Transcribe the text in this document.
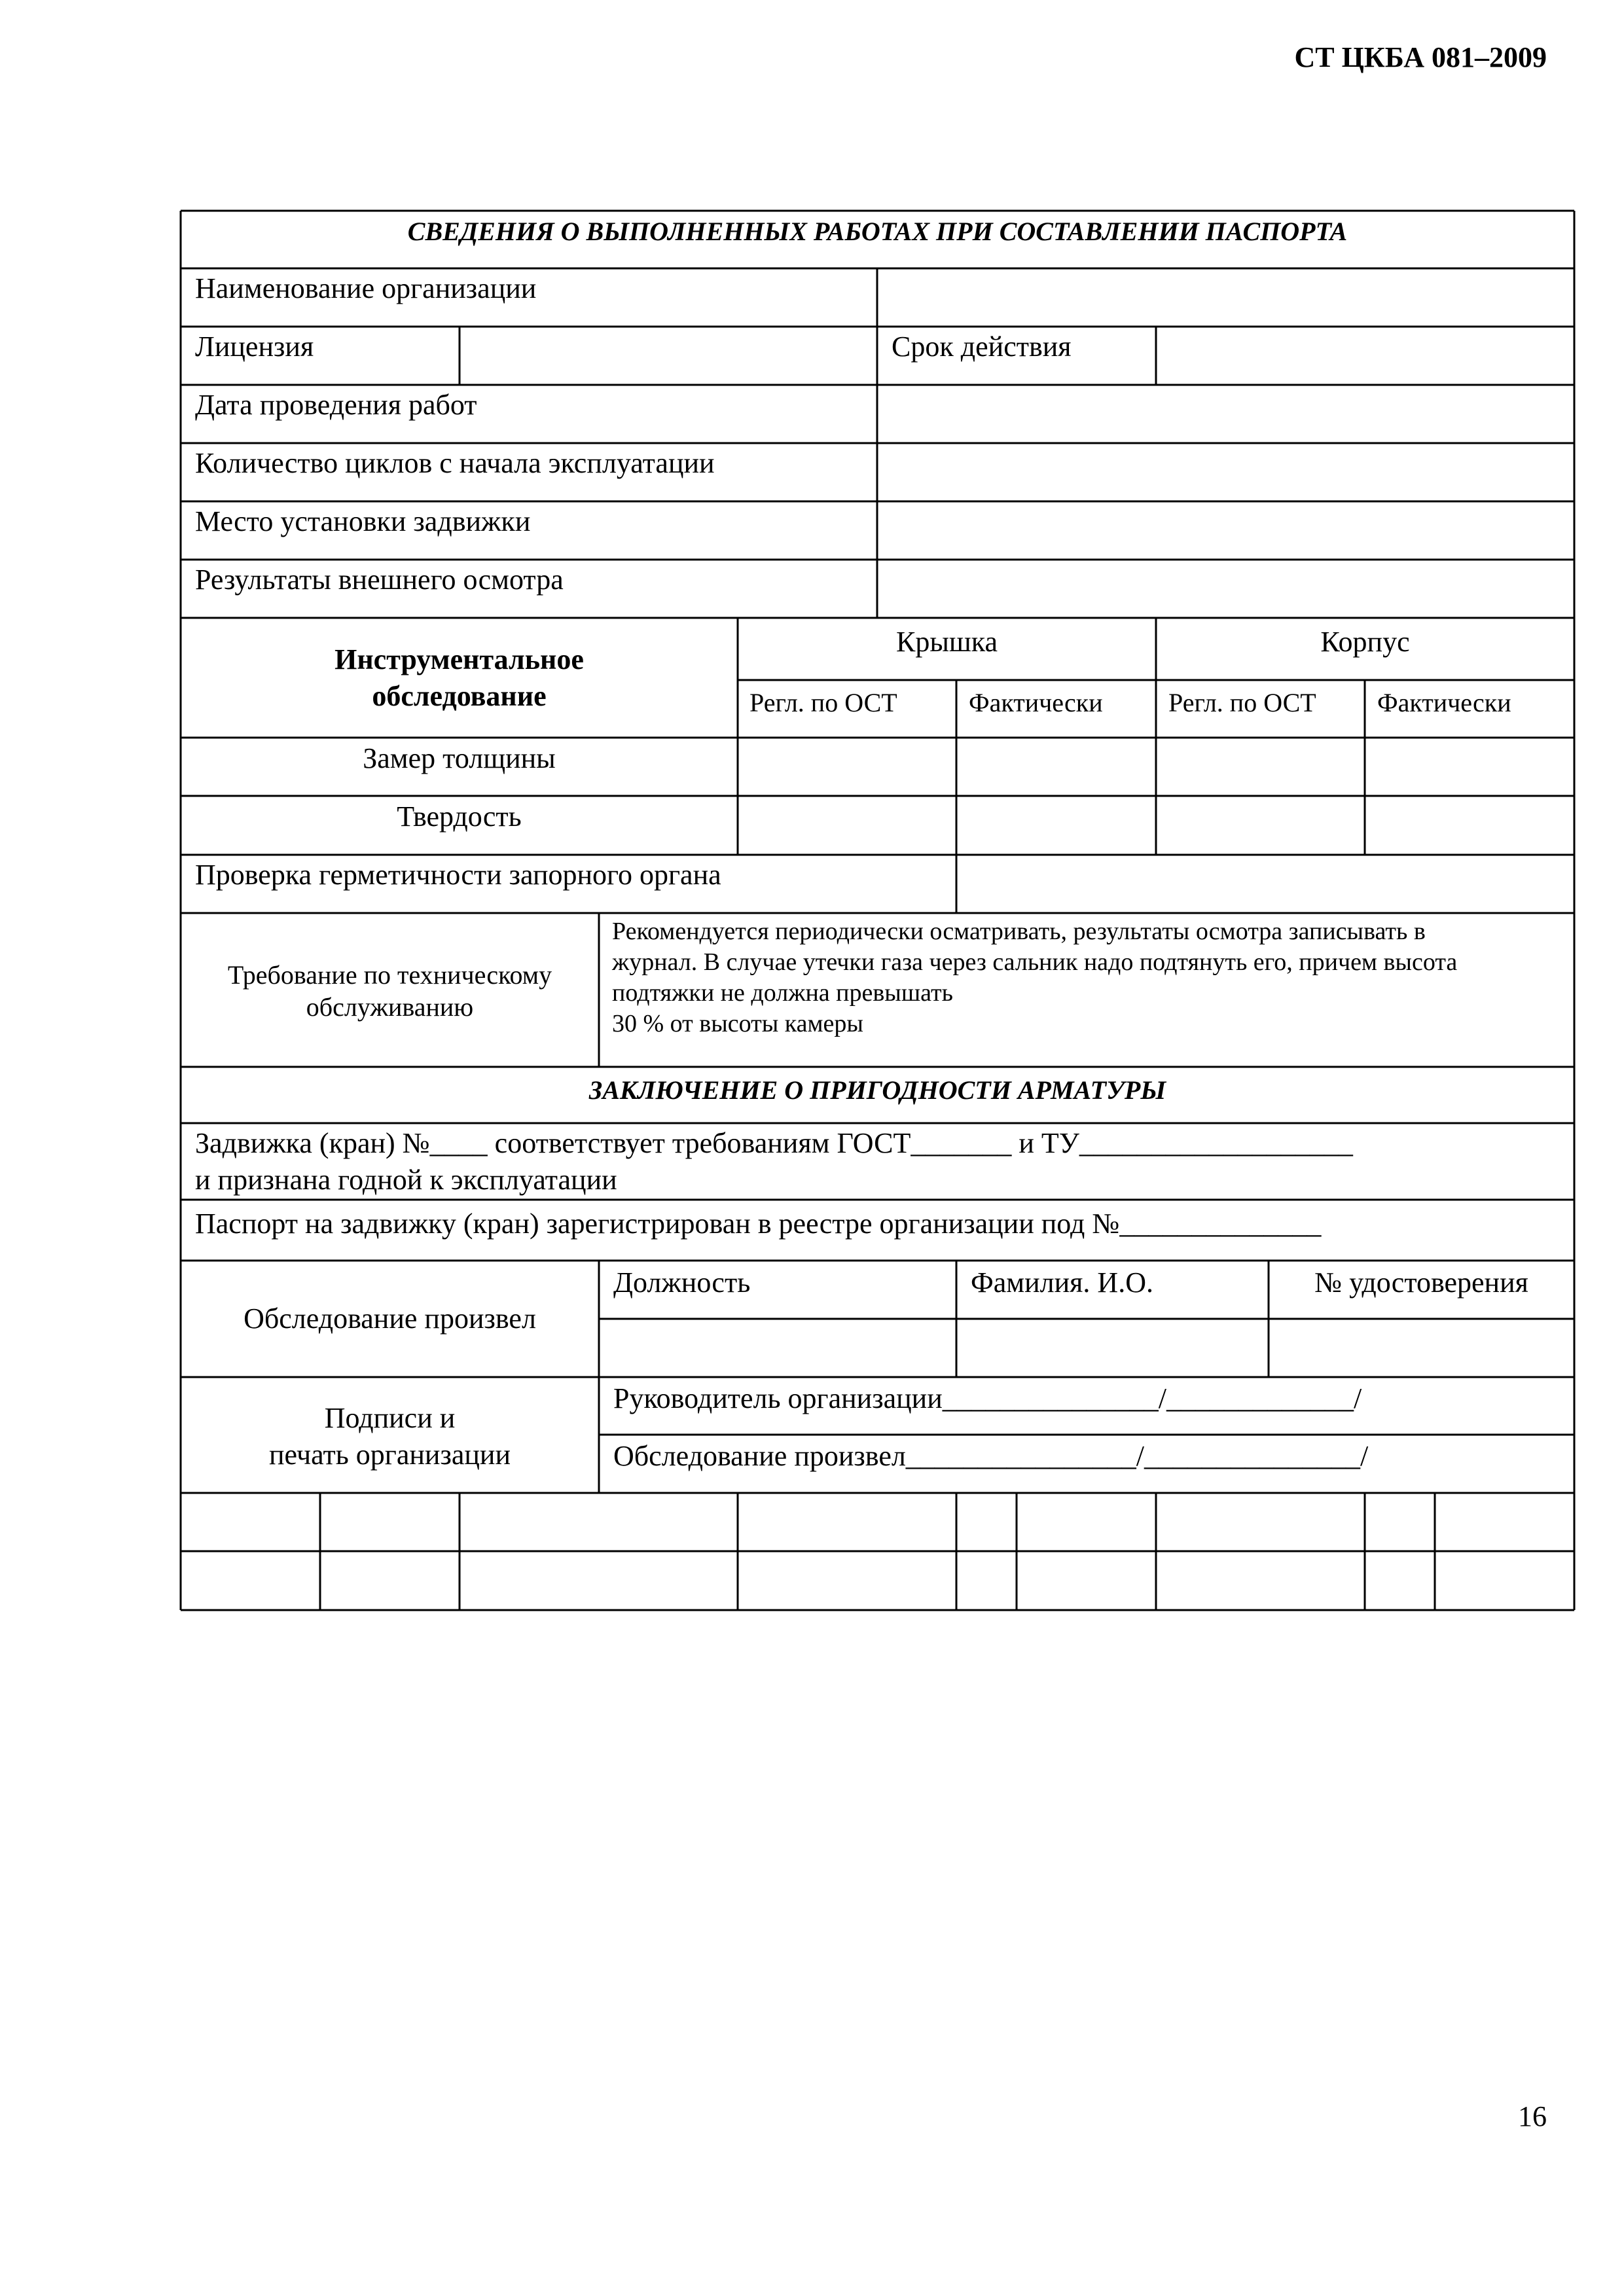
СТ ЦКБА 081–2009
СВЕДЕНИЯ О ВЫПОЛНЕННЫХ РАБОТАХ ПРИ СОСТАВЛЕНИИ ПАСПОРТА
Наименование организации
Лицензия	Срок действия
Дата проведения работ
Количество циклов с начала эксплуатации
Место установки задвижки
Результаты внешнего осмотра
Инструментальное
обследование
Крышка	Корпус
Регл. по ОСТ	Фактически	Регл. по ОСТ Фактически
Замер толщины
Твердость
Проверка герметичности запорного органа
Требование по техническому
обслуживанию
Рекомендуется периодически осматривать, результаты осмотра записывать в
журнал. В случае утечки газа через сальник надо подтянуть его, причем высота
подтяжки не должна превышать
30 % от высоты камеры
ЗАКЛЮЧЕНИЕ О ПРИГОДНОСТИ АРМАТУРЫ
Задвижка (кран) №____ соответствует требованиям ГОСТ_______ и ТУ___________________
и признана годной к эксплуатации
Паспорт на задвижку (кран) зарегистрирован в реестре организации под №______________
Обследование произвел
Должность	Фамилия. И.О.	№ удостоверения
Подписи и
печать организации
Руководитель организации_______________/_____________/
Обследование произвел________________/_______________/
16
